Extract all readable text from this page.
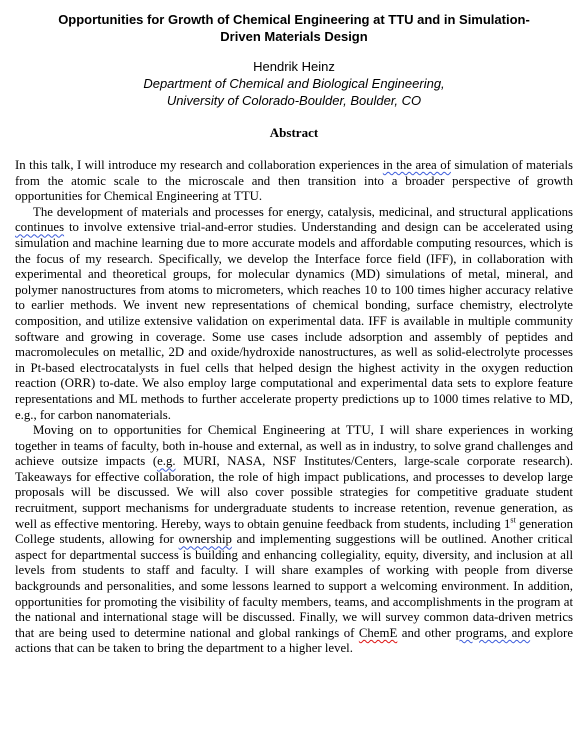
Opportunities for Growth of Chemical Engineering at TTU and in Simulation-
Driven Materials Design
Hendrik Heinz
Department of Chemical and Biological Engineering,
University of Colorado-Boulder, Boulder, CO
Abstract

In this talk, I will introduce my research and collaboration experiences in the area of simulation of materials from the atomic scale to the microscale and then transition into a broader perspective of growth opportunities for Chemical Engineering at TTU.

The development of materials and processes for energy, catalysis, medicinal, and structural applications continues to involve extensive trial-and-error studies. Understanding and design can be accelerated using simulation and machine learning due to more accurate models and affordable computing resources, which is the focus of my research. Specifically, we develop the Interface force field (IFF), in collaboration with experimental and theoretical groups, for molecular dynamics (MD) simulations of metal, mineral, and polymer nanostructures from atoms to micrometers, which reaches 10 to 100 times higher accuracy relative to earlier methods. We invent new representations of chemical bonding, surface chemistry, electrolyte composition, and utilize extensive validation on experimental data. IFF is available in multiple community software and growing in coverage. Some use cases include adsorption and assembly of peptides and macromolecules on metallic, 2D and oxide/hydroxide nanostructures, as well as solid-electrolyte processes in Pt-based electrocatalysts in fuel cells that helped design the highest activity in the oxygen reduction reaction (ORR) to-date. We also employ large computational and experimental data sets to explore feature representations and ML methods to further accelerate property predictions up to 1000 times relative to MD, e.g., for carbon nanomaterials.

Moving on to opportunities for Chemical Engineering at TTU, I will share experiences in working together in teams of faculty, both in-house and external, as well as in industry, to solve grand challenges and achieve outsize impacts (e.g. MURI, NASA, NSF Institutes/Centers, large-scale corporate research). Takeaways for effective collaboration, the role of high impact publications, and processes to develop large proposals will be discussed. We will also cover possible strategies for competitive graduate student recruitment, support mechanisms for undergraduate students to increase retention, revenue generation, as well as effective mentoring. Hereby, ways to obtain genuine feedback from students, including 1st generation College students, allowing for ownership and implementing suggestions will be outlined. Another critical aspect for departmental success is building and enhancing collegiality, equity, diversity, and inclusion at all levels from students to staff and faculty. I will share examples of working with people from diverse backgrounds and personalities, and some lessons learned to support a welcoming environment. In addition, opportunities for promoting the visibility of faculty members, teams, and accomplishments in the program at the national and international stage will be discussed. Finally, we will survey common data-driven metrics that are being used to determine national and global rankings of ChemE and other programs, and explore actions that can be taken to bring the department to a higher level.
